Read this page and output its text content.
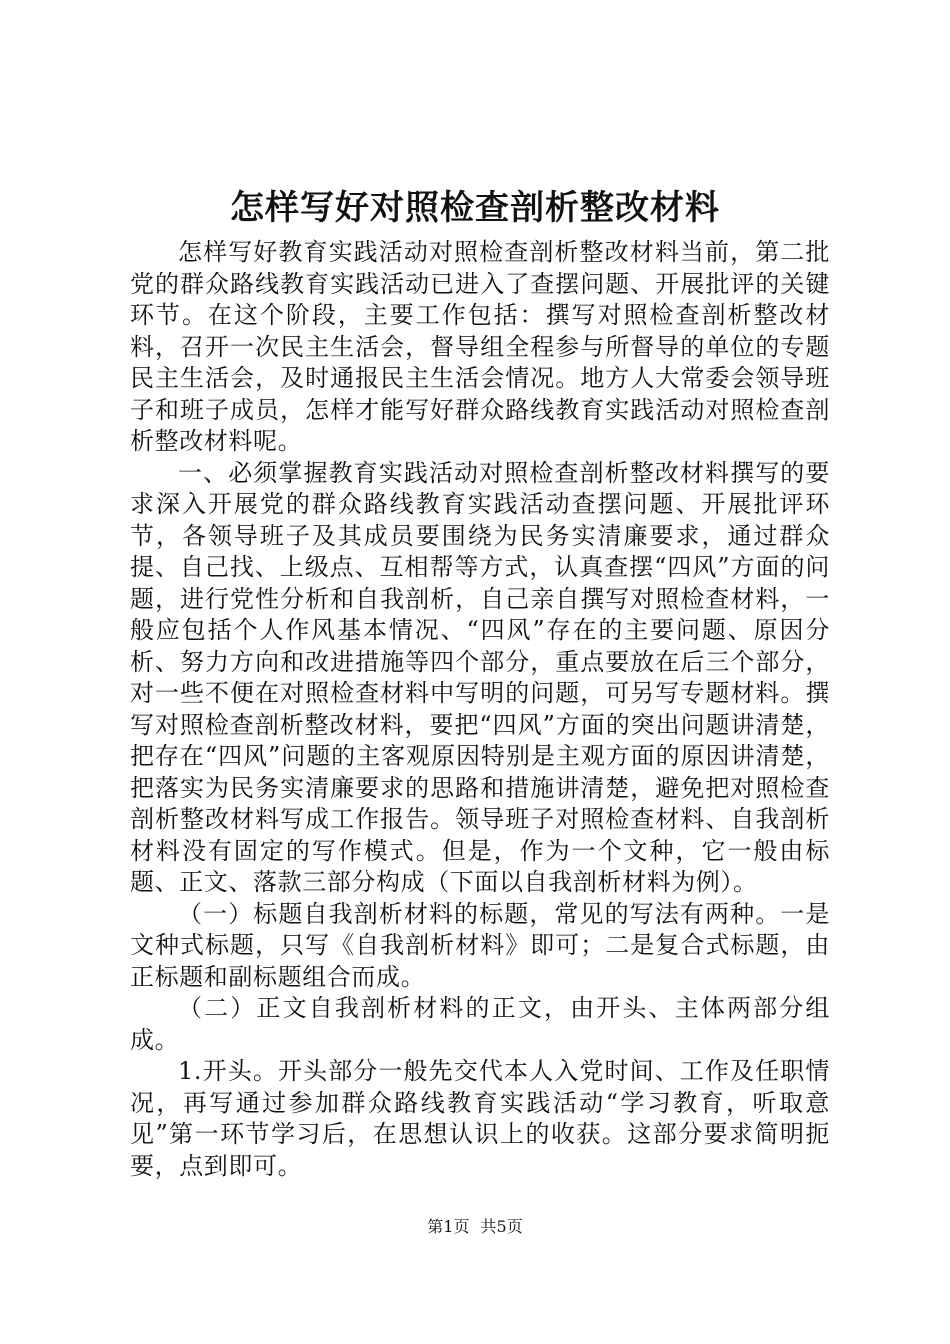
怎样写好对照检查剖析整改材料

怎样写好教育实践活动对照检查剖析整改材料当前，第二批党的群众路线教育实践活动已进入了查摆问题、开展批评的关键环节。在这个阶段，主要工作包括：撰写对照检查剖析整改材料，召开一次民主生活会，督导组全程参与所督导的单位的专题民主生活会，及时通报民主生活会情况。地方人大常委会领导班子和班子成员，怎样才能写好群众路线教育实践活动对照检查剖析整改材料呢。

一、必须掌握教育实践活动对照检查剖析整改材料撰写的要求深入开展党的群众路线教育实践活动查摆问题、开展批评环节，各领导班子及其成员要围绕为民务实清廉要求，通过群众提、自己找、上级点、互相帮等方式，认真查摆“四风”方面的问题，进行党性分析和自我剖析，自己亲自撰写对照检查材料，一般应包括个人作风基本情况、“四风”存在的主要问题、原因分析、努力方向和改进措施等四个部分，重点要放在后三个部分，对一些不便在对照检查材料中写明的问题，可另写专题材料。撰写对照检查剖析整改材料，要把“四风”方面的突出问题讲清楚，把存在“四风”问题的主客观原因特别是主观方面的原因讲清楚，把落实为民务实清廉要求的思路和措施讲清楚，避免把对照检查剖析整改材料写成工作报告。领导班子对照检查材料、自我剖析材料没有固定的写作模式。但是，作为一个文种，它一般由标题、正文、落款三部分构成（下面以自我剖析材料为例）。

（一）标题自我剖析材料的标题，常见的写法有两种。一是文种式标题，只写《自我剖析材料》即可；二是复合式标题，由正标题和副标题组合而成。

（二）正文自我剖析材料的正文，由开头、主体两部分组成。

1.开头。开头部分一般先交代本人入党时间、工作及任职情况，再写通过参加群众路线教育实践活动“学习教育，听取意见”第一环节学习后，在思想认识上的收获。这部分要求简明扼要，点到即可。

第1页 共5页
